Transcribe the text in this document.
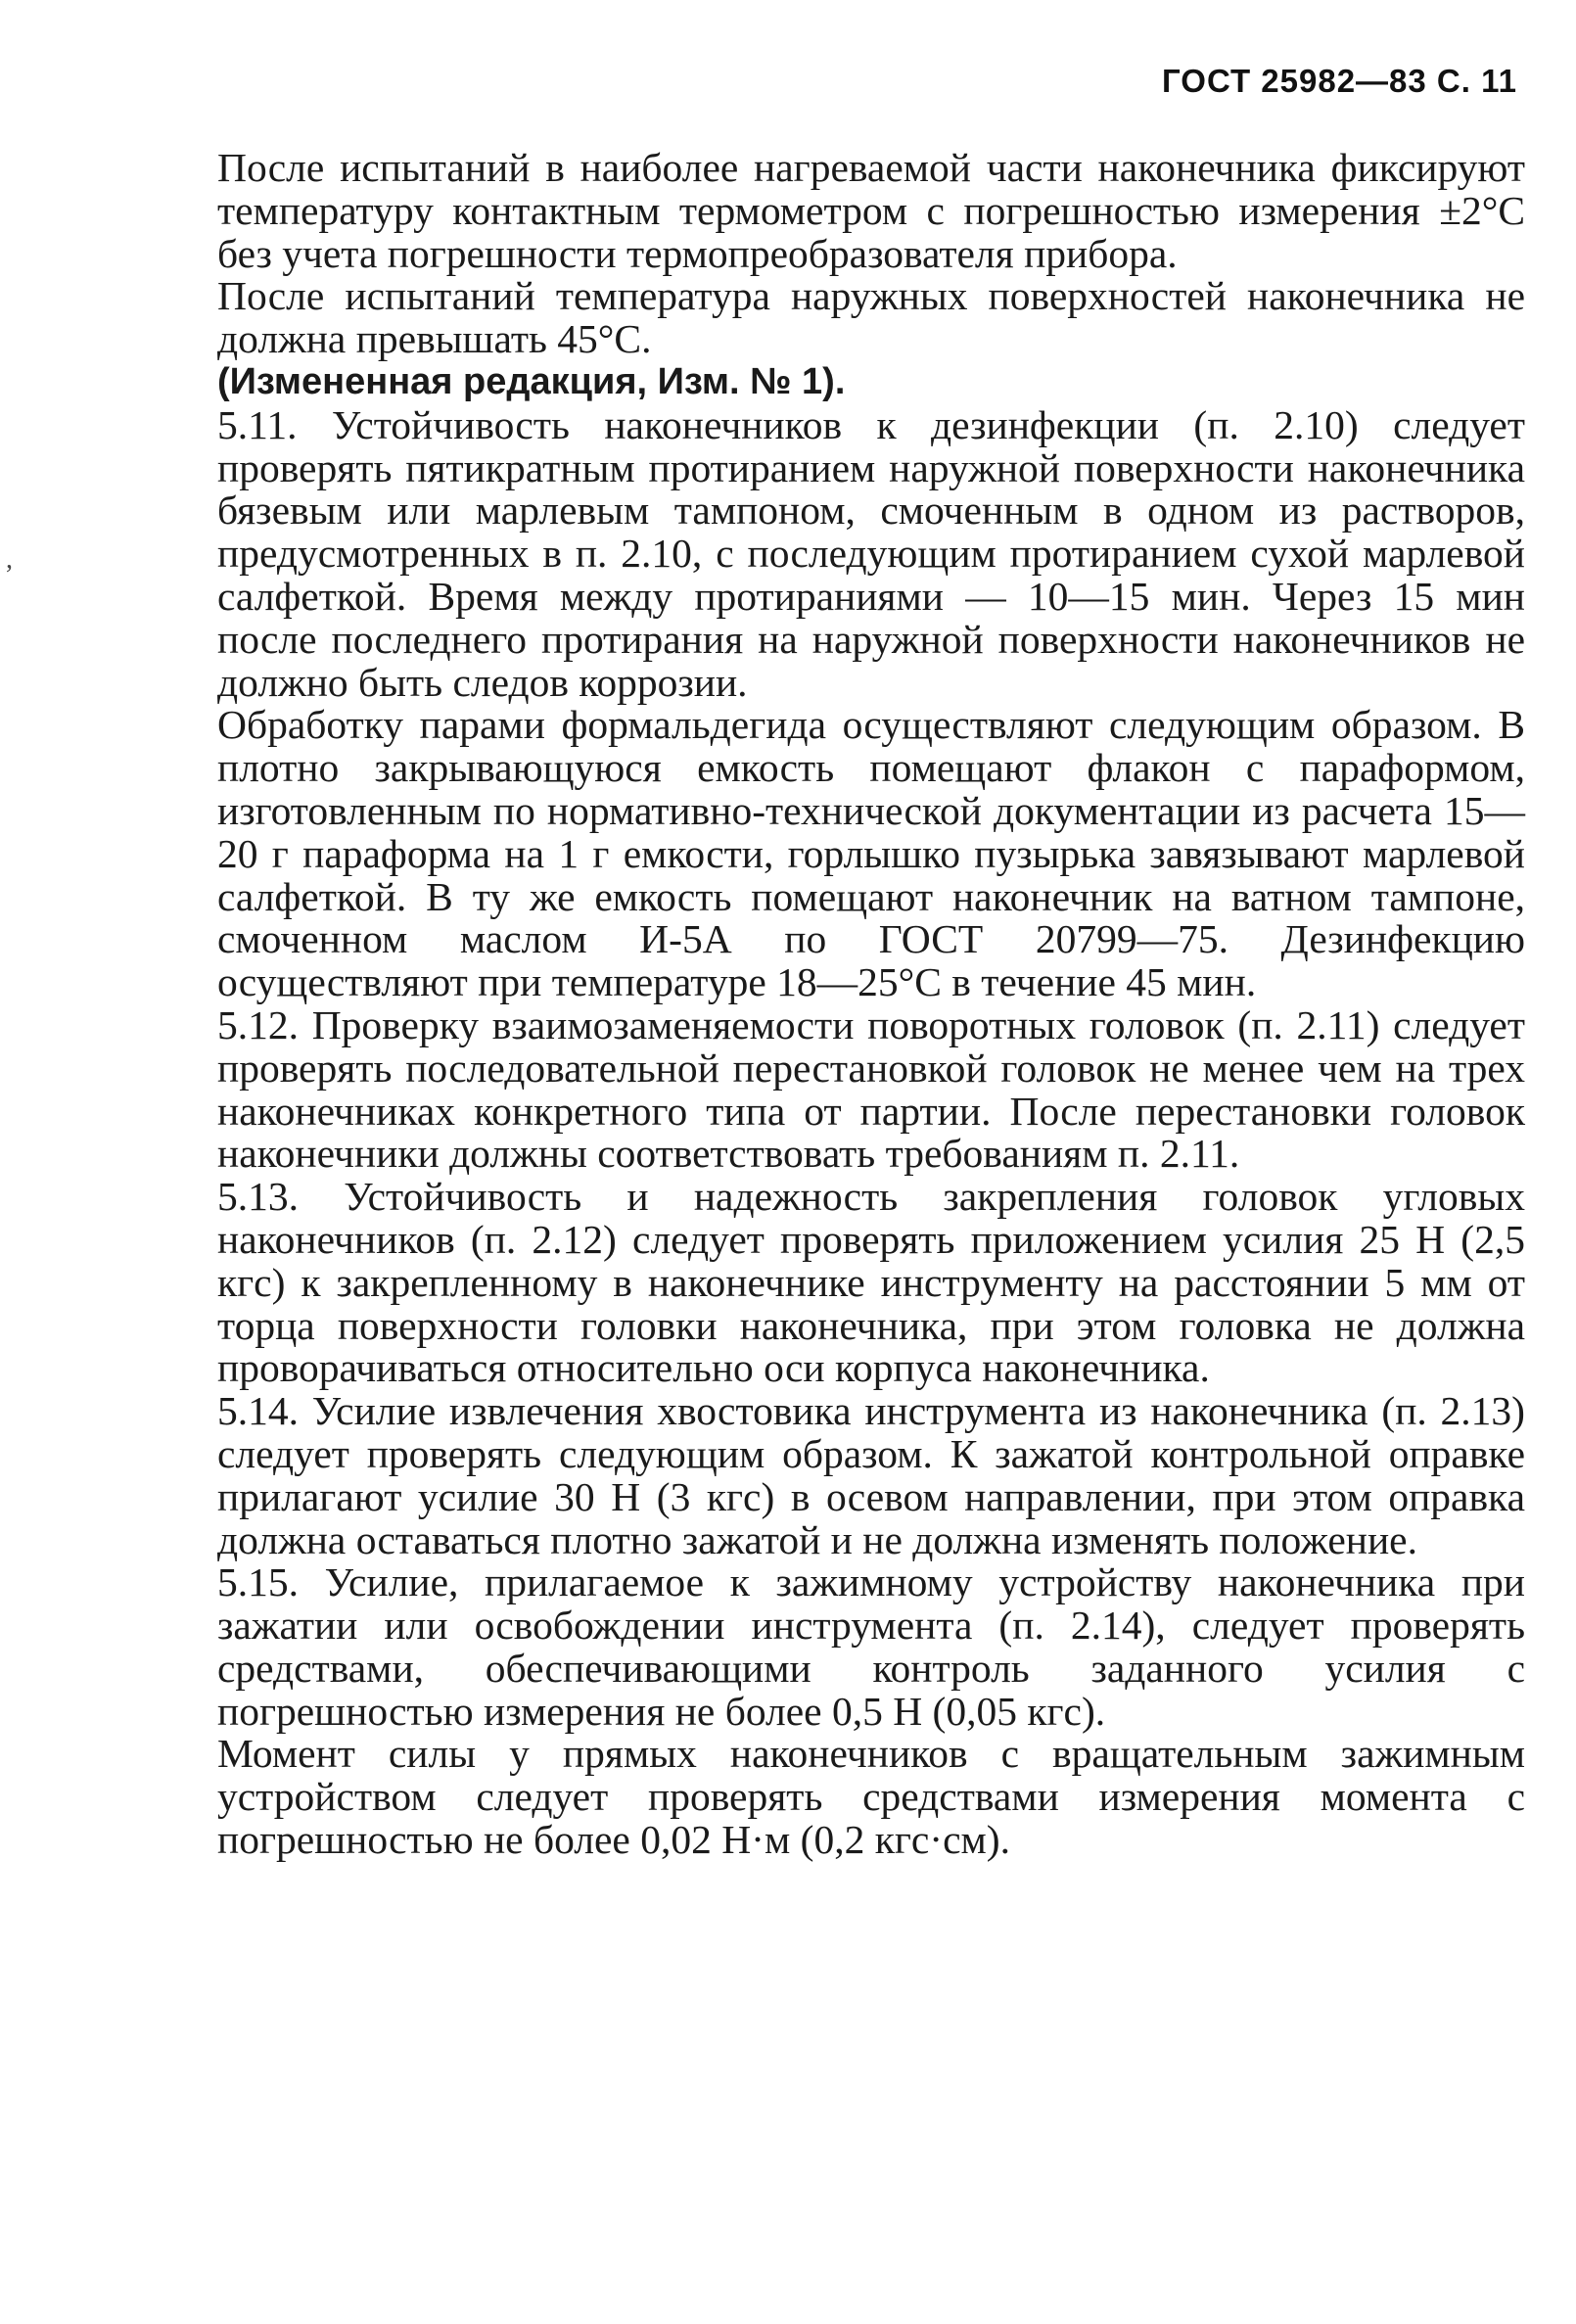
ГОСТ 25982—83 С. 11
,

После испытаний в наиболее нагреваемой части наконечника фиксируют температуру контактным термометром с погрешностью измерения ±2°С без учета погрешности термопреобразователя прибора.

После испытаний температура наружных поверхностей наконечника не должна превышать 45°С.

(Измененная редакция, Изм. № 1).

5.11. Устойчивость наконечников к дезинфекции (п. 2.10) следует проверять пятикратным протиранием наружной поверхности наконечника бязевым или марлевым тампоном, смоченным в одном из растворов, предусмотренных в п. 2.10, с последующим протиранием сухой марлевой салфеткой. Время между протираниями — 10—15 мин. Через 15 мин после последнего протирания на наружной поверхности наконечников не должно быть следов коррозии.

Обработку парами формальдегида осуществляют следующим образом. В плотно закрывающуюся емкость помещают флакон с параформом, изготовленным по нормативно-технической документации из расчета 15—20 г параформа на 1 г емкости, горлышко пузырька завязывают марлевой салфеткой. В ту же емкость помещают наконечник на ватном тампоне, смоченном маслом И-5А по ГОСТ 20799—75. Дезинфекцию осуществляют при температуре 18—25°С в течение 45 мин.

5.12. Проверку взаимозаменяемости поворотных головок (п. 2.11) следует проверять последовательной перестановкой головок не менее чем на трех наконечниках конкретного типа от партии. После перестановки головок наконечники должны соответствовать требованиям п. 2.11.

5.13. Устойчивость и надежность закрепления головок угловых наконечников (п. 2.12) следует проверять приложением усилия 25 Н (2,5 кгс) к закрепленному в наконечнике инструменту на расстоянии 5 мм от торца поверхности головки наконечника, при этом головка не должна проворачиваться относительно оси корпуса наконечника.

5.14. Усилие извлечения хвостовика инструмента из наконечника (п. 2.13) следует проверять следующим образом. К зажатой контрольной оправке прилагают усилие 30 Н (3 кгс) в осевом направлении, при этом оправка должна оставаться плотно зажатой и не должна изменять положение.

5.15. Усилие, прилагаемое к зажимному устройству наконечника при зажатии или освобождении инструмента (п. 2.14), следует проверять средствами, обеспечивающими контроль заданного усилия с погрешностью измерения не более 0,5 Н (0,05 кгс).

Момент силы у прямых наконечников с вращательным зажимным устройством следует проверять средствами измерения момента с погрешностью не более 0,02 Н·м (0,2 кгс·см).
